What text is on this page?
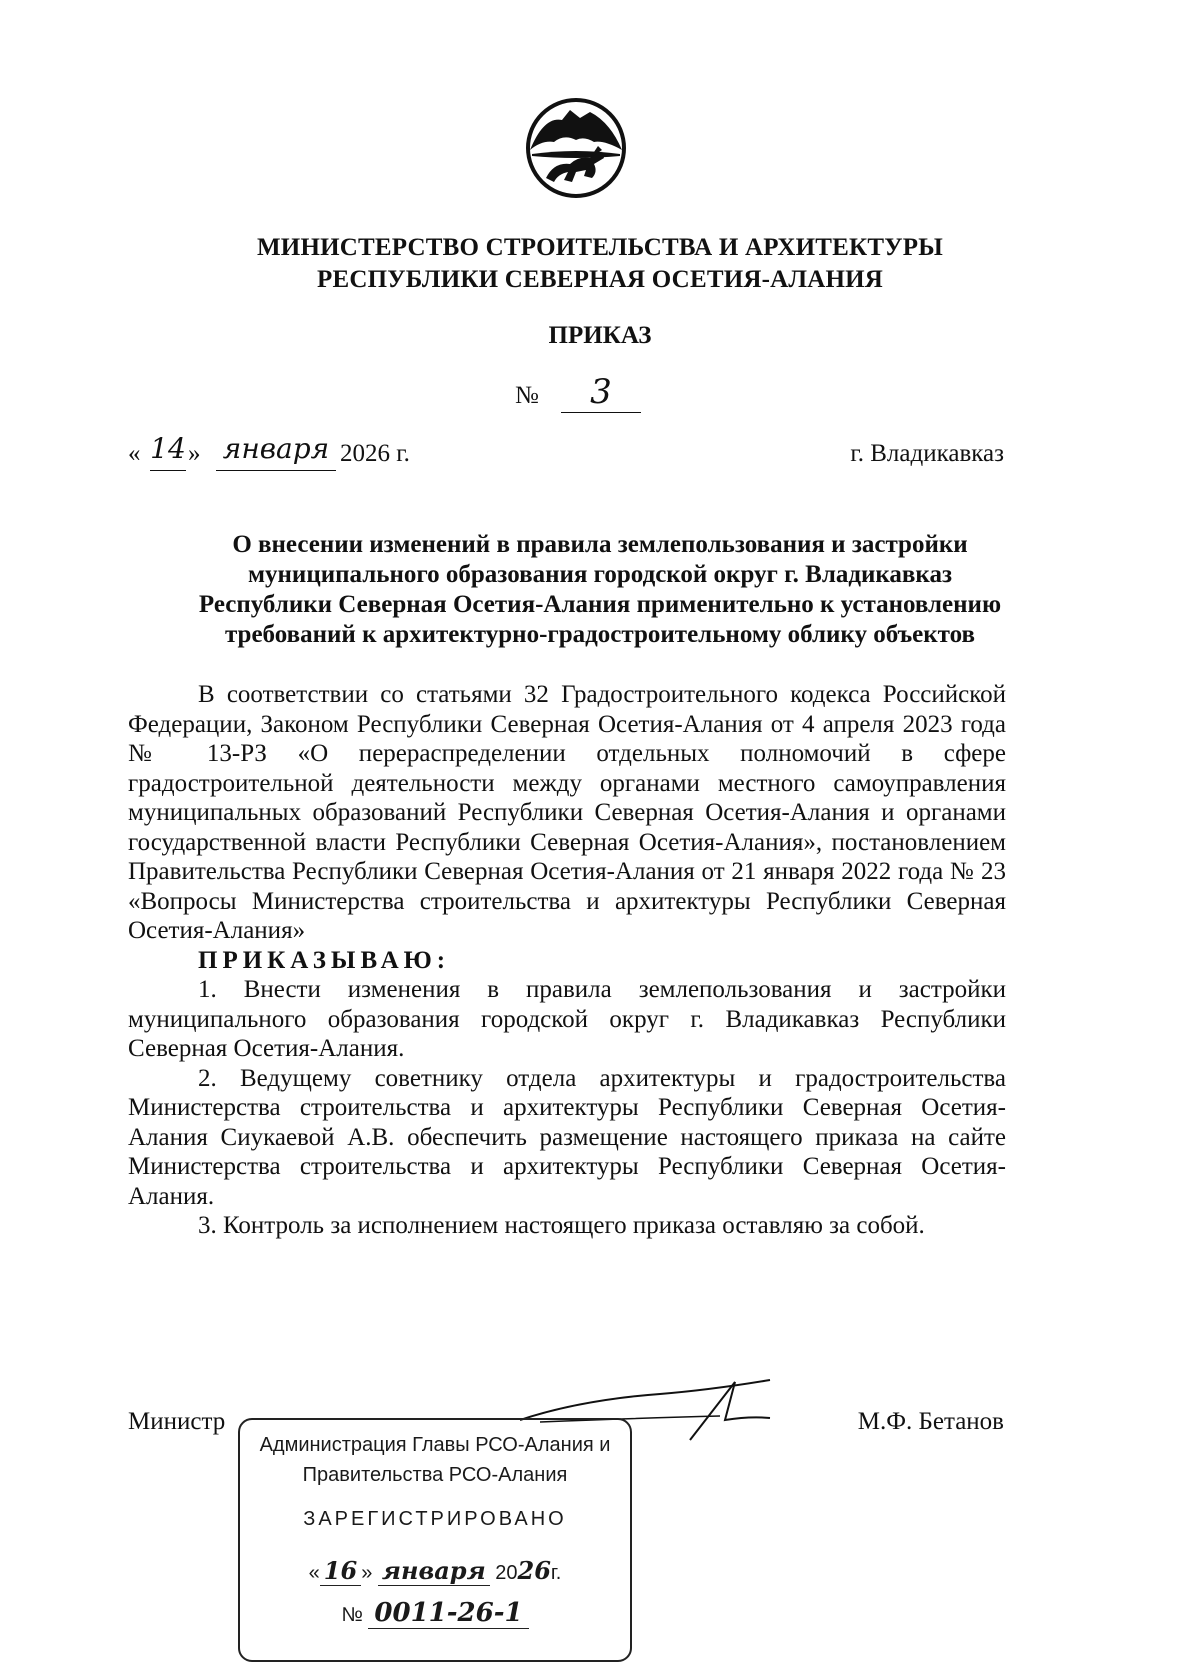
МИНИСТЕРСТВО СТРОИТЕЛЬСТВА И АРХИТЕКТУРЫ
РЕСПУБЛИКИ СЕВЕРНАЯ ОСЕТИЯ-АЛАНИЯ
ПРИКАЗ
№	3
« 14 » января 2026 г.	г. Владикавказ
О внесении изменений в правила землепользования и застройки
муниципального образования городской округ г. Владикавказ
Республики Северная Осетия-Алания применительно к установлению
требований к архитектурно-градостроительному облику объектов

В соответствии со статьями 32 Градостроительного кодекса Российской Федерации, Законом Республики Северная Осетия-Алания от 4 апреля 2023 года № 13-РЗ «О перераспределении отдельных полномочий в сфере градостроительной деятельности между органами местного самоуправления муниципальных образований Республики Северная Осетия-Алания и органами государственной власти Республики Северная Осетия-Алания», постановлением Правительства Республики Северная Осетия-Алания от 21 января 2022 года № 23 «Вопросы Министерства строительства и архитектуры Республики Северная Осетия-Алания»

ПРИКАЗЫВАЮ:

1. Внести изменения в правила землепользования и застройки муниципального образования городской округ г. Владикавказ Республики Северная Осетия-Алания.

2. Ведущему советнику отдела архитектуры и градостроительства Министерства строительства и архитектуры Республики Северная Осетия-Алания Сиукаевой А.В. обеспечить размещение настоящего приказа на сайте Министерства строительства и архитектуры Республики Северная Осетия-Алания.

3. Контроль за исполнением настоящего приказа оставляю за собой.

Министр	М.Ф. Бетанов
Администрация Главы РСО-Алания и
Правительства РСО-Алания
ЗАРЕГИСТРИРОВАНО
« 16 » января 2026г.
№ 0011-26-1
